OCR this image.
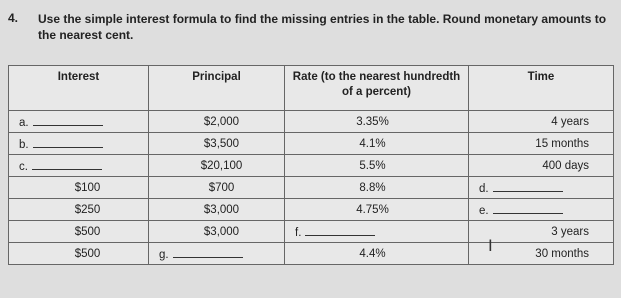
4. Use the simple interest formula to find the missing entries in the table. Round monetary amounts to the nearest cent.
Interest	Principal	Rate (to the nearest hundredth of a percent)	Time
a.	$2,000	3.35%	4 years

b.	$3,500	4.1%	15 months

c.	$20,100	5.5%	400 days

$100	$700	8.8%	d.

$250	$3,000	4.75%	e.

$500	$3,000	f.	3 years

$500	g.	4.4%	30 months
I
